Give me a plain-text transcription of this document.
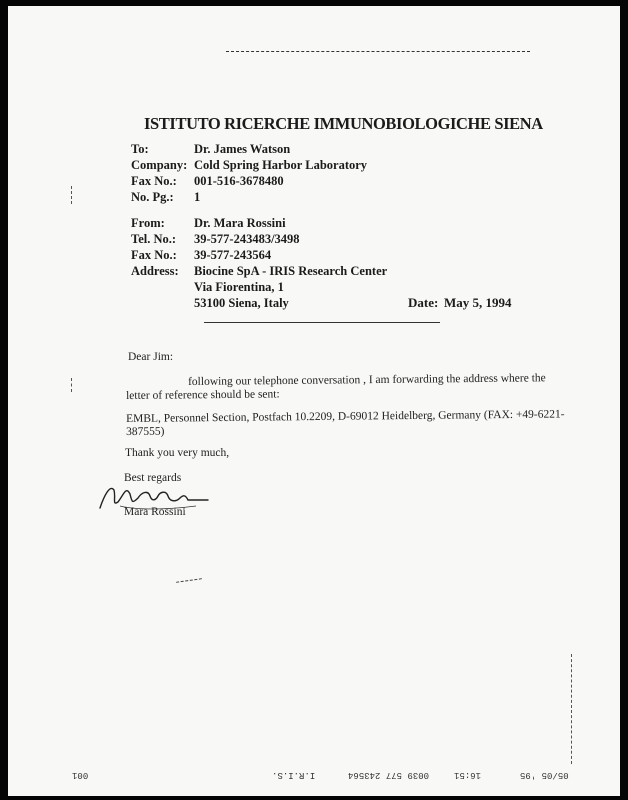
ISTITUTO RICERCHE IMMUNOBIOLOGICHE SIENA
To:	Dr. James Watson
Company: Cold Spring Harbor Laboratory
Fax No.: 001-516-3678480
No. Pg.: 1
From: Dr. Mara Rossini
Tel. No.: 39-577-243483/3498
Fax No.: 39-577-243564
Address: Biocine SpA - IRIS Research Center
Via Fiorentina, 1
53100 Siena, Italy	Date: May 5, 1994
Dear Jim:
following our telephone conversation , I am forwarding the address where the
letter of reference should be sent:
EMBL, Personnel Section, Postfach 10.2209, D-69012 Heidelberg, Germany (FAX: +49-6221-
387555)
Thank you very much,
Best regards
Mara Rossini
001	I.R.I.S.	0039 577 243564	16:51	05/05 '95
